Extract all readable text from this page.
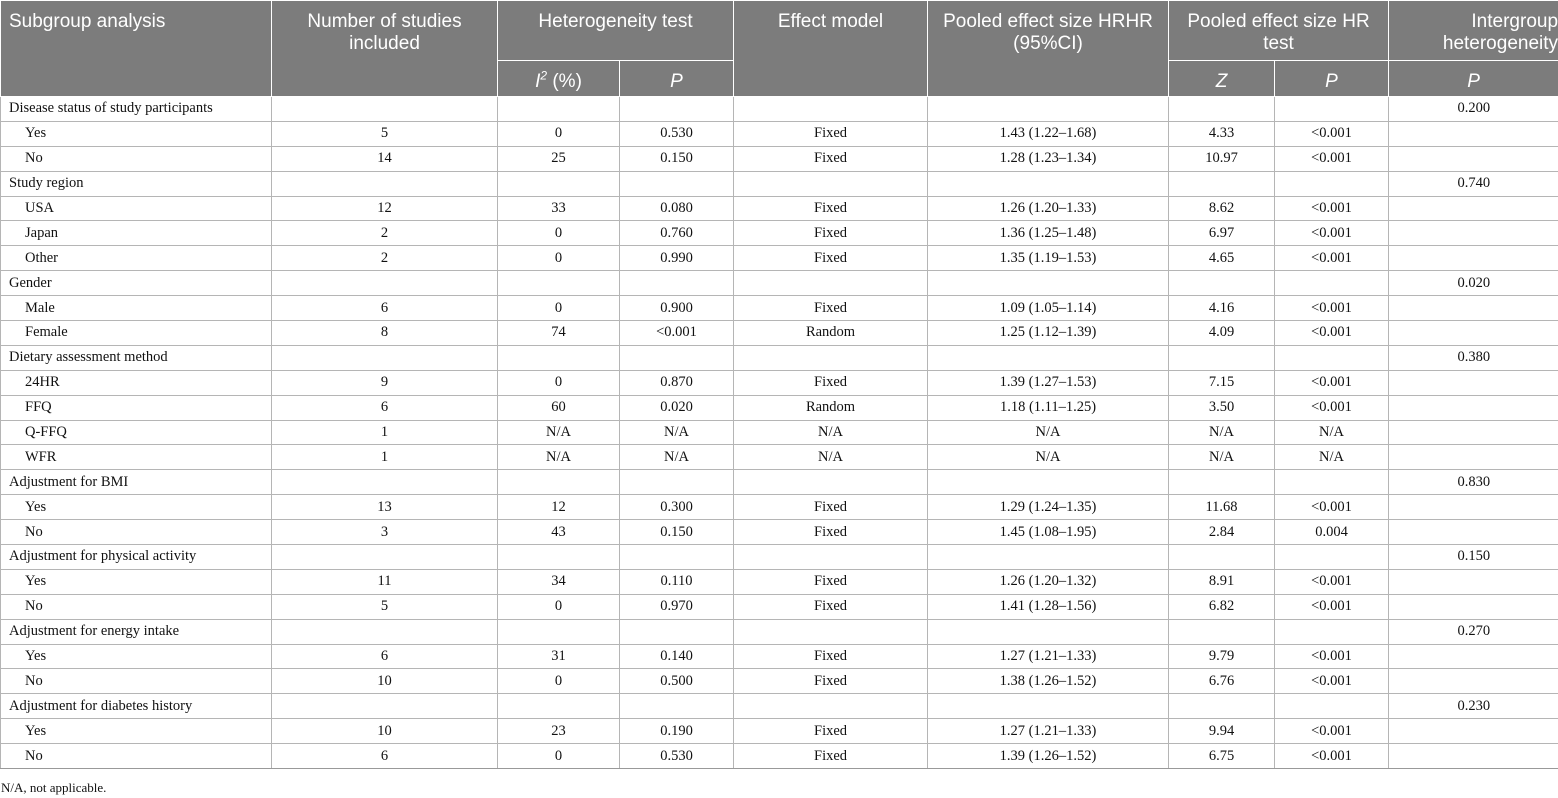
Subgroup analysis	Number of studies included	Heterogeneity test		Effect model	Pooled effect size HRHR (95%CI)	Pooled effect size HR test		Intergroup heterogeneity
		$I^2$ (%)	P			Z	P	P
Disease status of study participants								0.200
Yes	5	0	0.530	Fixed	1.43 (1.22–1.68)	4.33	<0.001	
No	14	25	0.150	Fixed	1.28 (1.23–1.34)	10.97	<0.001	
Study region								0.740
USA	12	33	0.080	Fixed	1.26 (1.20–1.33)	8.62	<0.001	
Japan	2	0	0.760	Fixed	1.36 (1.25–1.48)	6.97	<0.001	
Other	2	0	0.990	Fixed	1.35 (1.19–1.53)	4.65	<0.001	
Gender								0.020
Male	6	0	0.900	Fixed	1.09 (1.05–1.14)	4.16	<0.001	
Female	8	74	<0.001	Random	1.25 (1.12–1.39)	4.09	<0.001	
Dietary assessment method								0.380
24HR	9	0	0.870	Fixed	1.39 (1.27–1.53)	7.15	<0.001	
FFQ	6	60	0.020	Random	1.18 (1.11–1.25)	3.50	<0.001	
Q-FFQ	1	N/A	N/A	N/A	N/A	N/A	N/A	
WFR	1	N/A	N/A	N/A	N/A	N/A	N/A	
Adjustment for BMI								0.830
Yes	13	12	0.300	Fixed	1.29 (1.24–1.35)	11.68	<0.001	
No	3	43	0.150	Fixed	1.45 (1.08–1.95)	2.84	0.004	
Adjustment for physical activity								0.150
Yes	11	34	0.110	Fixed	1.26 (1.20–1.32)	8.91	<0.001	
No	5	0	0.970	Fixed	1.41 (1.28–1.56)	6.82	<0.001	
Adjustment for energy intake								0.270
Yes	6	31	0.140	Fixed	1.27 (1.21–1.33)	9.79	<0.001	
No	10	0	0.500	Fixed	1.38 (1.26–1.52)	6.76	<0.001	
Adjustment for diabetes history								0.230
Yes	10	23	0.190	Fixed	1.27 (1.21–1.33)	9.94	<0.001	
No	6	0	0.530	Fixed	1.39 (1.26–1.52)	6.75	<0.001	
N/A, not applicable.
